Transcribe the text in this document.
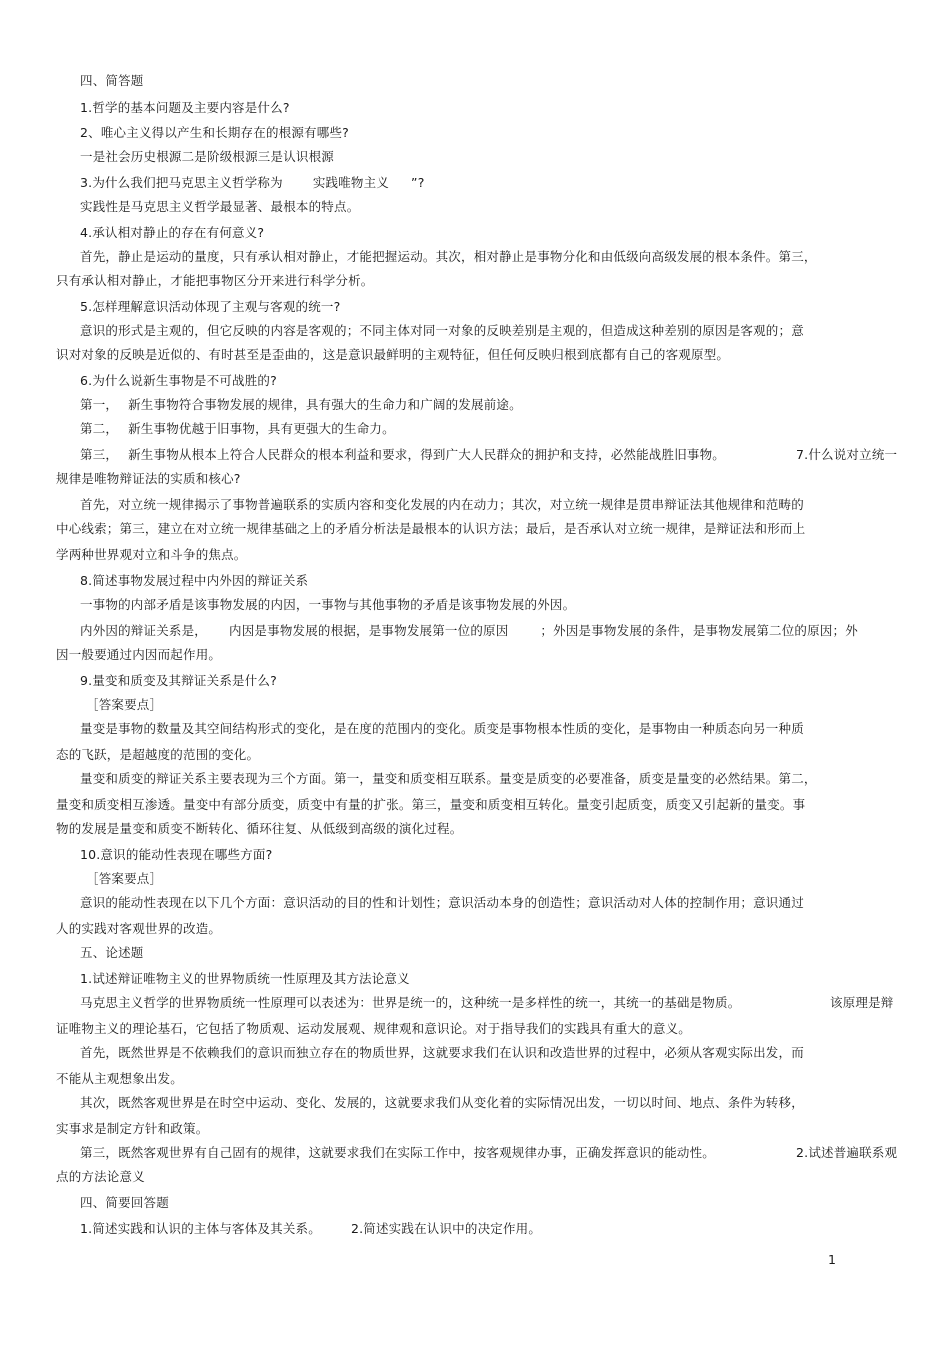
四、简答题

1.哲学的基本问题及主要内容是什么?

2、唯心主义得以产生和长期存在的根源有哪些?

一是社会历史根源二是阶级根源三是认识根源

3.为什么我们把马克思主义哲学称为 实践唯物主义 ”?

实践性是马克思主义哲学最显著、最根本的特点。

4.承认相对静止的存在有何意义?

首先，静止是运动的量度，只有承认相对静止，才能把握运动。其次，相对静止是事物分化和由低级向高级发展的根本条件。第三，

只有承认相对静止，才能把事物区分开来进行科学分析。

5.怎样理解意识活动体现了主观与客观的统一?

意识的形式是主观的，但它反映的内容是客观的；不同主体对同一对象的反映差别是主观的，但造成这种差别的原因是客观的；意

识对对象的反映是近似的、有时甚至是歪曲的，这是意识最鲜明的主观特征，但任何反映归根到底都有自己的客观原型。

6.为什么说新生事物是不可战胜的?

第一， 新生事物符合事物发展的规律，具有强大的生命力和广阔的发展前途。

第二， 新生事物优越于旧事物，具有更强大的生命力。

第三， 新生事物从根本上符合人民群众的根本利益和要求，得到广大人民群众的拥护和支持，必然能战胜旧事物。	7.什么说对立统一

规律是唯物辩证法的实质和核心?

首先，对立统一规律揭示了事物普遍联系的实质内容和变化发展的内在动力；其次，对立统一规律是贯串辩证法其他规律和范畴的

中心线索；第三，建立在对立统一规律基础之上的矛盾分析法是最根本的认识方法；最后，是否承认对立统一规律，是辩证法和形而上

学两种世界观对立和斗争的焦点。

8.简述事物发展过程中内外因的辩证关系

一事物的内部矛盾是该事物发展的内因，一事物与其他事物的矛盾是该事物发展的外因。

内外因的辩证关系是， 内因是事物发展的根据，是事物发展第一位的原因	；外因是事物发展的条件，是事物发展第二位的原因；外

因一般要通过内因而起作用。

9.量变和质变及其辩证关系是什么?

［答案要点］

量变是事物的数量及其空间结构形式的变化，是在度的范围内的变化。质变是事物根本性质的变化，是事物由一种质态向另一种质

态的飞跃，是超越度的范围的变化。

量变和质变的辩证关系主要表现为三个方面。第一，量变和质变相互联系。量变是质变的必要准备，质变是量变的必然结果。第二，

量变和质变相互渗透。量变中有部分质变，质变中有量的扩张。第三，量变和质变相互转化。量变引起质变，质变又引起新的量变。事

物的发展是量变和质变不断转化、循环往复、从低级到高级的演化过程。

10.意识的能动性表现在哪些方面?

［答案要点］

意识的能动性表现在以下几个方面：意识活动的目的性和计划性；意识活动本身的创造性；意识活动对人体的控制作用；意识通过

人的实践对客观世界的改造。

五、论述题

1.试述辩证唯物主义的世界物质统一性原理及其方法论意义

马克思主义哲学的世界物质统一性原理可以表述为：世界是统一的，这种统一是多样性的统一，其统一的基础是物质。	该原理是辩

证唯物主义的理论基石，它包括了物质观、运动发展观、规律观和意识论。对于指导我们的实践具有重大的意义。

首先，既然世界是不依赖我们的意识而独立存在的物质世界，这就要求我们在认识和改造世界的过程中，必须从客观实际出发，而

不能从主观想象出发。

其次，既然客观世界是在时空中运动、变化、发展的，这就要求我们从变化着的实际情况出发，一切以时间、地点、条件为转移，

实事求是制定方针和政策。

第三，既然客观世界有自己固有的规律，这就要求我们在实际工作中，按客观规律办事，正确发挥意识的能动性。	2.试述普遍联系观

点的方法论意义

四、简要回答题

1.简述实践和认识的主体与客体及其关系。 2.简述实践在认识中的决定作用。

1
